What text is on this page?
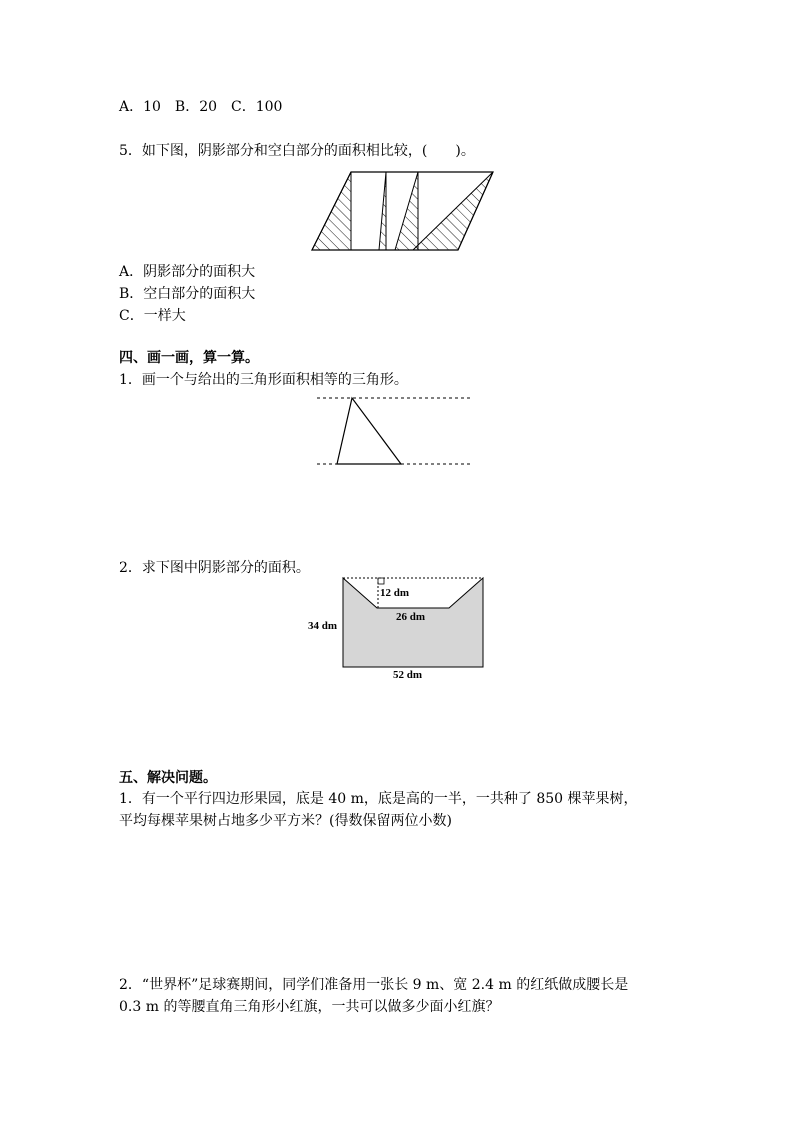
A．10　B．20　C．100
5．如下图，阴影部分和空白部分的面积相比较，(　　)。
A．阴影部分的面积大
B．空白部分的面积大
C．一样大
四、画一画，算一算。
1．画一个与给出的三角形面积相等的三角形。
2．求下图中阴影部分的面积。
12 dm
26 dm
34 dm
52 dm
五、解决问题。
1．有一个平行四边形果园，底是 40 m，底是高的一半，一共种了 850 棵苹果树，
平均每棵苹果树占地多少平方米？(得数保留两位小数)
2．“世界杯”足球赛期间，同学们准备用一张长 9 m、宽 2.4 m 的红纸做成腰长是
0.3 m 的等腰直角三角形小红旗，一共可以做多少面小红旗？
